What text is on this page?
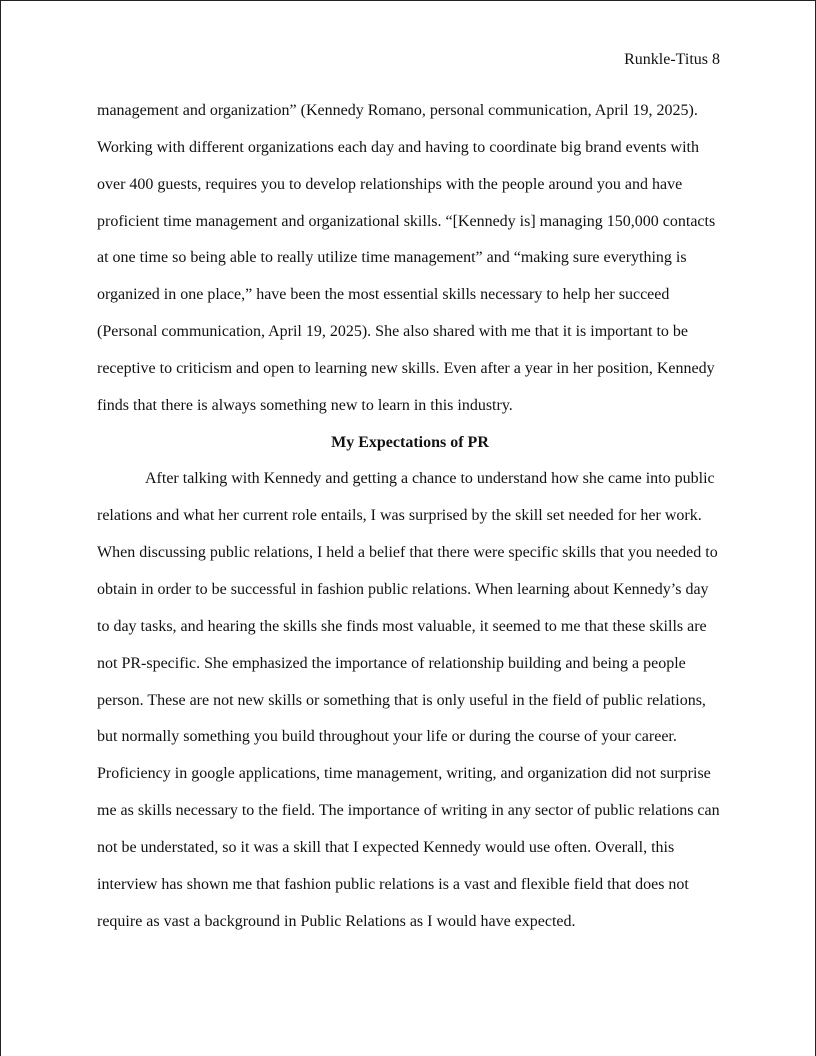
Runkle-Titus 8
management and organization” (Kennedy Romano, personal communication, April 19, 2025).
Working with different organizations each day and having to coordinate big brand events with
over 400 guests, requires you to develop relationships with the people around you and have
proficient time management and organizational skills. “[Kennedy is] managing 150,000 contacts
at one time so being able to really utilize time management” and “making sure everything is
organized in one place,” have been the most essential skills necessary to help her succeed
(Personal communication, April 19, 2025). She also shared with me that it is important to be
receptive to criticism and open to learning new skills. Even after a year in her position, Kennedy
finds that there is always something new to learn in this industry.
My Expectations of PR
After talking with Kennedy and getting a chance to understand how she came into public
relations and what her current role entails, I was surprised by the skill set needed for her work.
When discussing public relations, I held a belief that there were specific skills that you needed to
obtain in order to be successful in fashion public relations. When learning about Kennedy’s day
to day tasks, and hearing the skills she finds most valuable, it seemed to me that these skills are
not PR-specific. She emphasized the importance of relationship building and being a people
person. These are not new skills or something that is only useful in the field of public relations,
but normally something you build throughout your life or during the course of your career.
Proficiency in google applications, time management, writing, and organization did not surprise
me as skills necessary to the field. The importance of writing in any sector of public relations can
not be understated, so it was a skill that I expected Kennedy would use often. Overall, this
interview has shown me that fashion public relations is a vast and flexible field that does not
require as vast a background in Public Relations as I would have expected.
